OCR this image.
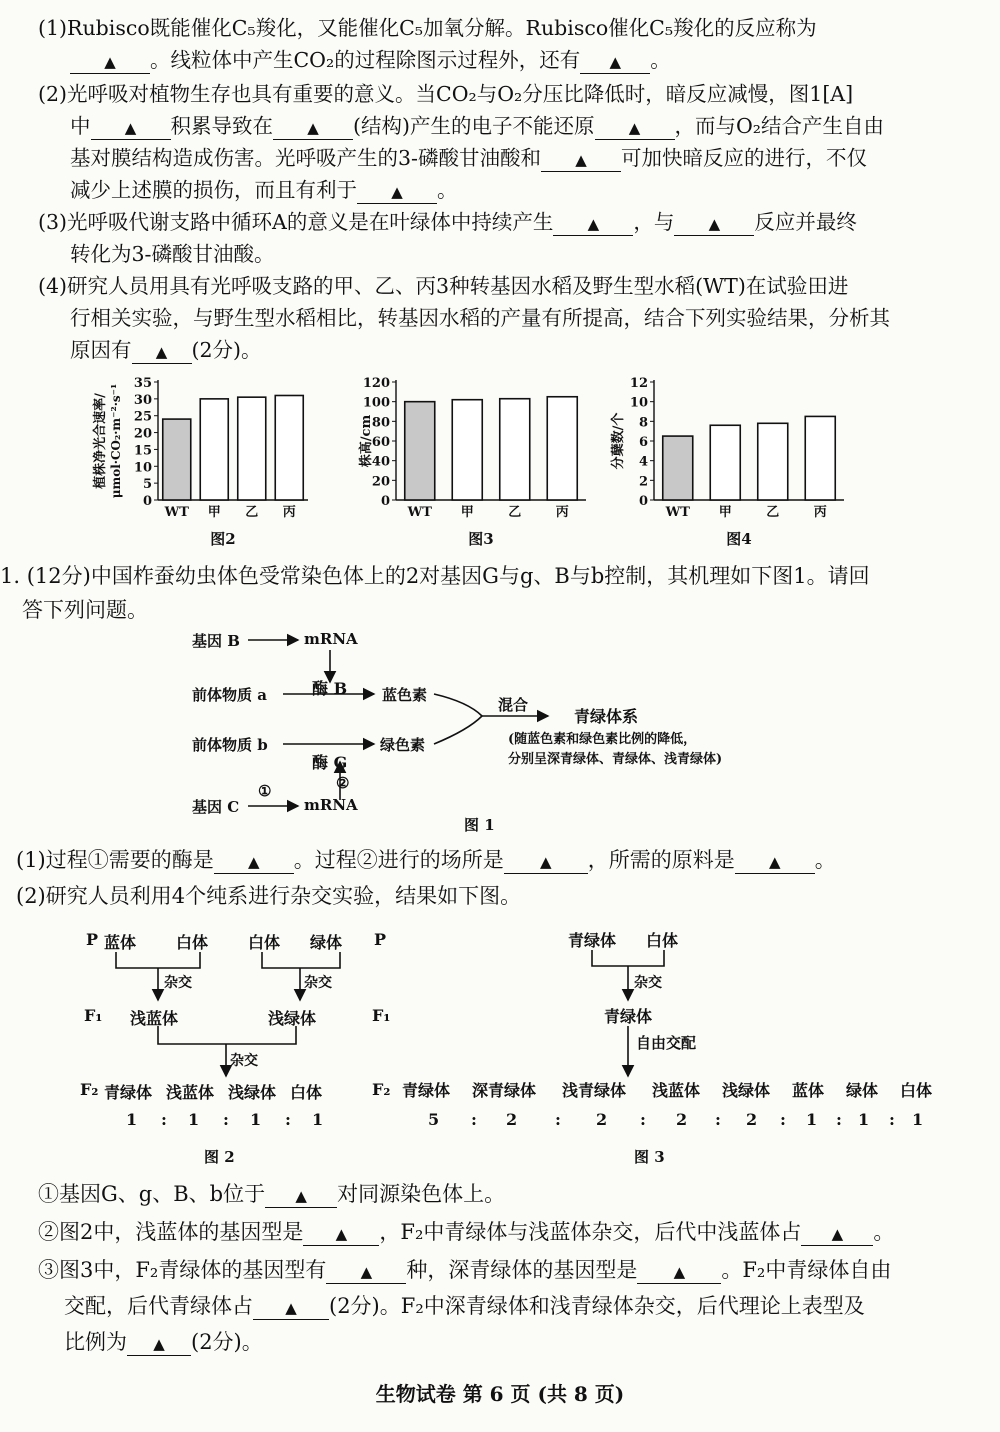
(1)Rubisco既能催化C₅羧化，又能催化C₅加氧分解。Rubisco催化C₅羧化的反应称为
▲。线粒体中产生CO₂的过程除图示过程外，还有 ▲	。
(2)光呼吸对植物生存也具有重要的意义。当CO₂与O₂分压比降低时，暗反应减慢，图1[A]
中 ▲	积累导致在 ▲	(结构)产生的电子不能还原 ▲	，而与O₂结合产生自由
基对膜结构造成伤害。光呼吸产生的3-磷酸甘油酸和 ▲	可加快暗反应的进行，不仅
减少上述膜的损伤，而且有利于 ▲	。
(3)光呼吸代谢支路中循环A的意义是在叶绿体中持续产生 ▲	，与 ▲	反应并最终
转化为3-磷酸甘油酸。
(4)研究人员用具有光呼吸支路的甲、乙、丙3种转基因水稻及野生型水稻(WT)在试验田进
行相关实验，与野生型水稻相比，转基因水稻的产量有所提高，结合下列实验结果，分析其
原因有 ▲	(2分)。
0
5
10
15
20
25
30
35
植株净光合速率/ μmol·CO₂·m⁻²·s⁻¹
WT 甲 乙 丙
图2
0
20
40
60
80
100
120
株高/cm
WT 甲	乙	丙
图3
0
2
4
6
8
10
12
分蘖数/个
WT 甲	乙	丙
图4
1. (12分)中国柞蚕幼虫体色受常染色体上的2对基因G与g、B与b控制，其机理如下图1。请回
答下列问题。
基因 B	mRNA
前体物质 a	酶 B 蓝色素
混合
青绿体系
(随蓝色素和绿色素比例的降低，
分别呈深青绿体、青绿体、浅青绿体)
前体物质 b
酶 G
绿色素
②
①
基因 C	mRNA
图 1
(1)过程①需要的酶是 ▲	。过程②进行的场所是 ▲	，所需的原料是 ▲	。
(2)研究人员利用4个纯系进行杂交实验，结果如下图。
P 蓝体 白体 白体 绿体
杂交	杂交
F₁ 浅蓝体	浅绿体
杂交
F₂ 青绿体 浅蓝体 浅绿体 白体
1	1	1	1
:	:	:
图 2
P	青绿体 白体
杂交
F₁	青绿体
自由交配
F₂ 青绿体 深青绿体 浅青绿体 浅蓝体 浅绿体 蓝体 绿体 白体
5	2	2	2	2	1	1	1
:	:	:	:	:	:	:
图 3
①基因G、g、B、b位于 ▲	对同源染色体上。
②图2中，浅蓝体的基因型是 ▲	，F₂中青绿体与浅蓝体杂交，后代中浅蓝体占 ▲	。
③图3中，F₂青绿体的基因型有 ▲	种，深青绿体的基因型是 ▲	。F₂中青绿体自由
交配，后代青绿体占 ▲	(2分)。F₂中深青绿体和浅青绿体杂交，后代理论上表型及
比例为 ▲	(2分)。
生物试卷 第 6 页 (共 8 页)
